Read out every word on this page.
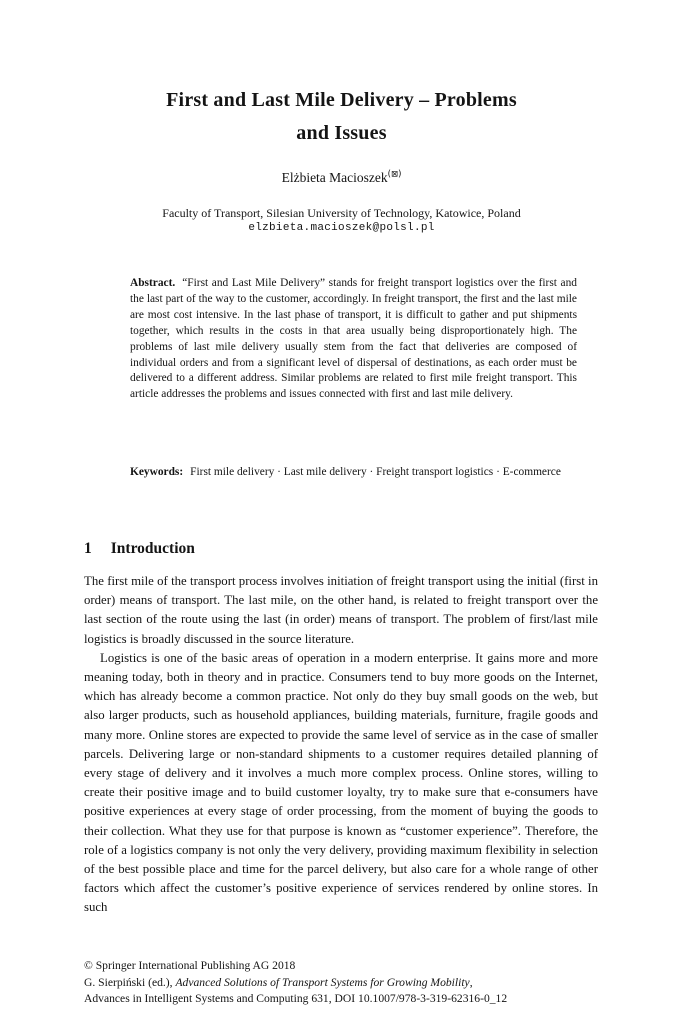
First and Last Mile Delivery – Problems
and Issues
Elżbieta Macioszek(⊠)
Faculty of Transport, Silesian University of Technology, Katowice, Poland
elzbieta.macioszek@polsl.pl
Abstract. “First and Last Mile Delivery” stands for freight transport logistics over the first and the last part of the way to the customer, accordingly. In freight transport, the first and the last mile are most cost intensive. In the last phase of transport, it is difficult to gather and put shipments together, which results in the costs in that area usually being disproportionately high. The problems of last mile delivery usually stem from the fact that deliveries are composed of individual orders and from a significant level of dispersal of destinations, as each order must be delivered to a different address. Similar problems are related to first mile freight transport. This article addresses the problems and issues connected with first and last mile delivery.
Keywords: First mile delivery · Last mile delivery · Freight transport logistics · E-commerce
1 Introduction

The first mile of the transport process involves initiation of freight transport using the initial (first in order) means of transport. The last mile, on the other hand, is related to freight transport over the last section of the route using the last (in order) means of transport. The problem of first/last mile logistics is broadly discussed in the source literature.

Logistics is one of the basic areas of operation in a modern enterprise. It gains more and more meaning today, both in theory and in practice. Consumers tend to buy more goods on the Internet, which has already become a common practice. Not only do they buy small goods on the web, but also larger products, such as household appliances, building materials, furniture, fragile goods and many more. Online stores are expected to provide the same level of service as in the case of smaller parcels. Delivering large or non-standard shipments to a customer requires detailed planning of every stage of delivery and it involves a much more complex process. Online stores, willing to create their positive image and to build customer loyalty, try to make sure that e-consumers have positive experiences at every stage of order processing, from the moment of buying the goods to their collection. What they use for that purpose is known as “customer experience”. Therefore, the role of a logistics company is not only the very delivery, providing maximum flexibility in selection of the best possible place and time for the parcel delivery, but also care for a whole range of other factors which affect the customer’s positive experience of services rendered by online stores. In such

© Springer International Publishing AG 2018
G. Sierpiński (ed.), Advanced Solutions of Transport Systems for Growing Mobility,
Advances in Intelligent Systems and Computing 631, DOI 10.1007/978-3-319-62316-0_12
